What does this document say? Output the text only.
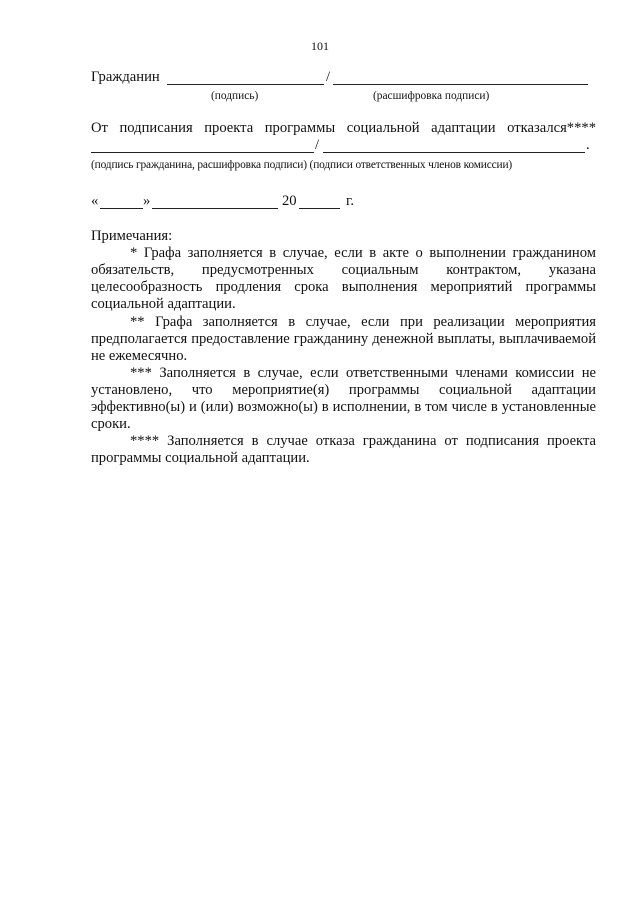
101
Гражданин	/
(подпись)	(расшифровка подписи)
От подписания проекта программы социальной адаптации отказался****
/	.
(подпись гражданина, расшифровка подписи) (подписи ответственных членов комиссии)
«	»	20	г.
Примечания:
* Графа заполняется в случае, если в акте о выполнении гражданином обязательств, предусмотренных социальным контрактом, указана целесообразность продления срока выполнения мероприятий программы социальной адаптации.
** Графа заполняется в случае, если при реализации мероприятия предполагается предоставление гражданину денежной выплаты, выплачиваемой не ежемесячно.
*** Заполняется в случае, если ответственными членами комиссии не установлено, что мероприятие(я) программы социальной адаптации эффективно(ы) и (или) возможно(ы) в исполнении, в том числе в установленные сроки.
**** Заполняется в случае отказа гражданина от подписания проекта программы социальной адаптации.
